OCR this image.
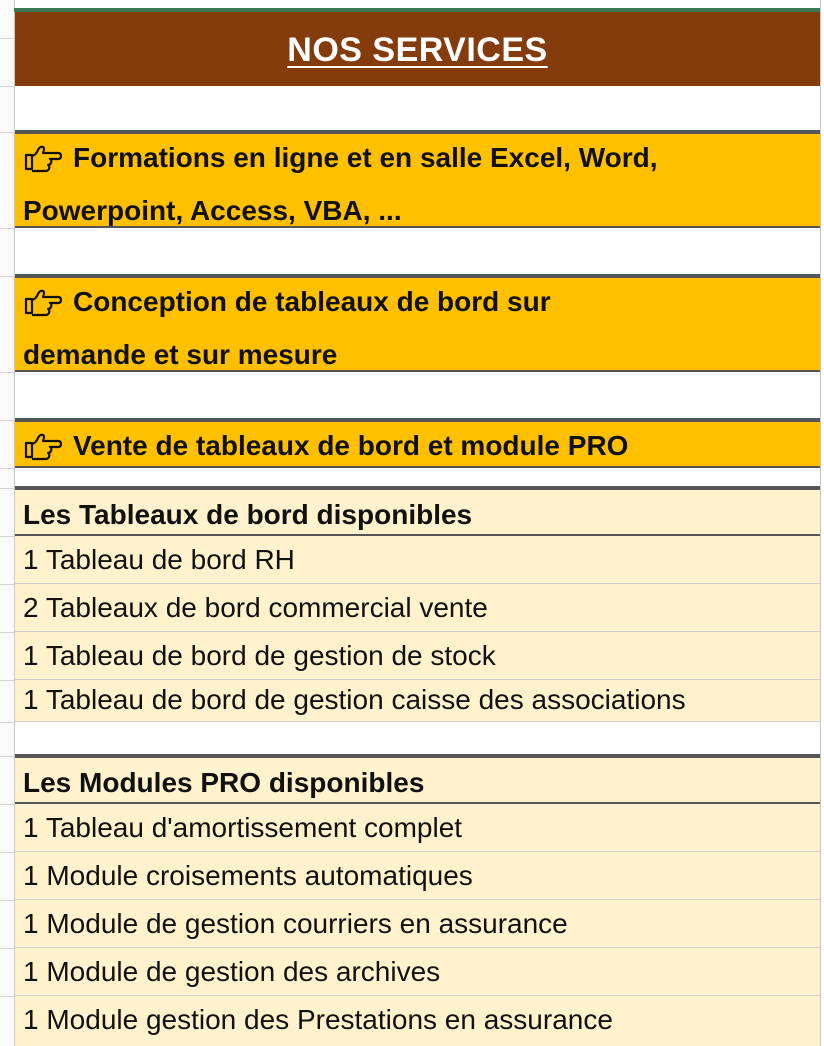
NOS SERVICES
Formations en ligne et en salle Excel, Word,
Powerpoint, Access, VBA, ...
Conception de tableaux de bord sur
demande et sur mesure
Vente de tableaux de bord et module PRO
Les Tableaux de bord disponibles
1 Tableau de bord RH
2 Tableaux de bord commercial vente
1 Tableau de bord de gestion de stock
1 Tableau de bord de gestion caisse des associations
Les Modules PRO disponibles
1 Tableau d'amortissement complet
1 Module croisements automatiques
1 Module de gestion courriers en assurance
1 Module de gestion des archives
1 Module gestion des Prestations en assurance
